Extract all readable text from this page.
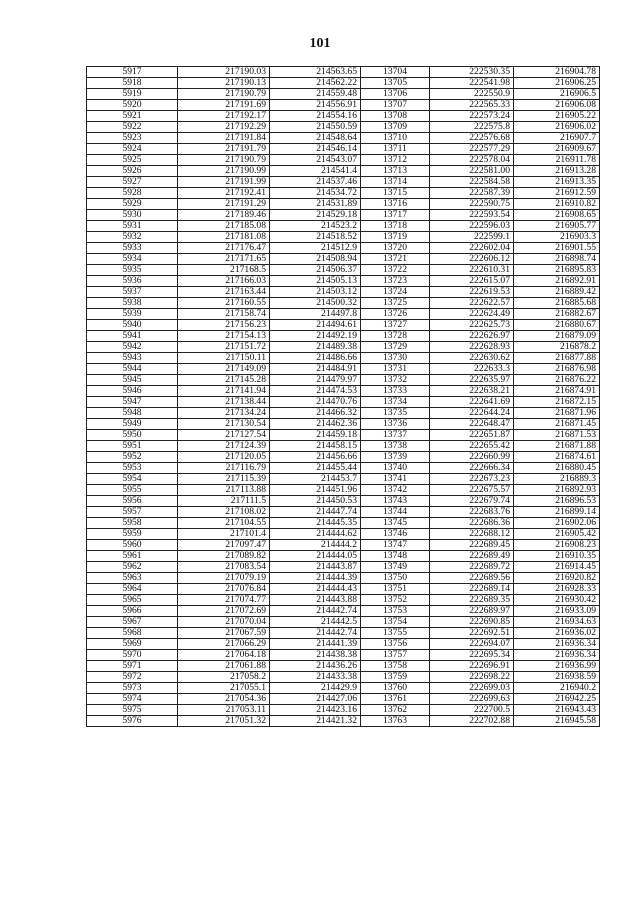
101
5917	217190.03	214563.65	13704	222530.35	216904.78
5918	217190.13	214562.22	13705	222541.98	216906.25
5919	217190.79	214559.48	13706	222550.9	216906.5
5920	217191.69	214556.91	13707	222565.33	216906.08
5921	217192.17	214554.16	13708	222573.24	216905.22
5922	217192.29	214550.59	13709	222575.8	216906.02
5923	217191.84	214548.64	13710	222576.68	216907.7
5924	217191.79	214546.14	13711	222577.29	216909.67
5925	217190.79	214543.07	13712	222578.04	216911.78
5926	217190.99	214541.4	13713	222581.00	216913.28
5927	217191.99	214537.46	13714	222584.58	216913.35
5928	217192.41	214534.72	13715	222587.39	216912.59
5929	217191.29	214531.89	13716	222590.75	216910.82
5930	217189.46	214529.18	13717	222593.54	216908.65
5931	217185.08	214523.2	13718	222596.03	216905.77
5932	217181.08	214518.52	13719	222599.1	216903.3
5933	217176.47	214512.9	13720	222602.04	216901.55
5934	217171.65	214508.94	13721	222606.12	216898.74
5935	217168.5	214506.37	13722	222610.31	216895.83
5936	217166.03	214505.13	13723	222615.07	216892.91
5937	217163.44	214503.12	13724	222619.53	216889.42
5938	217160.55	214500.32	13725	222622.57	216885.68
5939	217158.74	214497.8	13726	222624.49	216882.67
5940	217156.23	214494.61	13727	222625.73	216880.67
5941	217154.13	214492.19	13728	222626.97	216879.09
5942	217151.72	214489.38	13729	222628.93	216878.2
5943	217150.11	214486.66	13730	222630.62	216877.88
5944	217149.09	214484.91	13731	222633.3	216876.98
5945	217145.28	214479.97	13732	222635.97	216876.22
5946	217141.94	214474.53	13733	222638.21	216874.91
5947	217138.44	214470.76	13734	222641.69	216872.15
5948	217134.24	214466.32	13735	222644.24	216871.96
5949	217130.54	214462.36	13736	222648.47	216871.45
5950	217127.54	214459.18	13737	222651.87	216871.53
5951	217124.39	214458.15	13738	222655.42	216871.88
5952	217120.05	214456.66	13739	222660.99	216874.61
5953	217116.79	214455.44	13740	222666.34	216880.45
5954	217115.39	214453.7	13741	222673.23	216889.3
5955	217113.88	214451.96	13742	222675.57	216892.93
5956	217111.5	214450.53	13743	222679.74	216896.53
5957	217108.02	214447.74	13744	222683.76	216899.14
5958	217104.55	214445.35	13745	222686.36	216902.06
5959	217101.4	214444.62	13746	222688.12	216905.42
5960	217097.47	214444.2	13747	222689.45	216908.23
5961	217089.82	214444.05	13748	222689.49	216910.35
5962	217083.54	214443.87	13749	222689.72	216914.45
5963	217079.19	214444.39	13750	222689.56	216920.82
5964	217076.84	214444.43	13751	222689.14	216928.33
5965	217074.77	214443.88	13752	222689.35	216930.42
5966	217072.69	214442.74	13753	222689.97	216933.09
5967	217070.04	214442.5	13754	222690.85	216934.63
5968	217067.59	214442.74	13755	222692.51	216936.02
5969	217066.29	214441.39	13756	222694.07	216936.34
5970	217064.18	214438.38	13757	222695.34	216936.34
5971	217061.88	214436.26	13758	222696.91	216936.99
5972	217058.2	214433.38	13759	222698.22	216938.59
5973	217055.1	214429.9	13760	222699.03	216940.2
5974	217054.36	214427.06	13761	222699.63	216942.25
5975	217053.11	214423.16	13762	222700.5	216943.43
5976	217051.32	214421.32	13763	222702.88	216945.58
